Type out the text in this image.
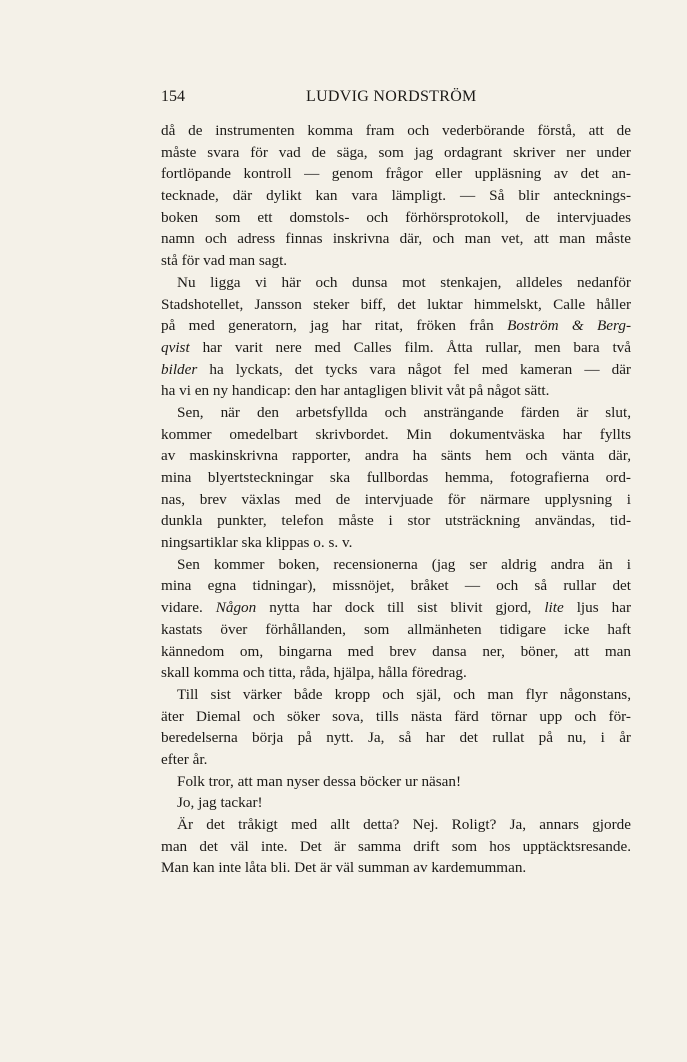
154	LUDVIG NORDSTRÖM
då de instrumenten komma fram och vederbörande förstå, att de
måste svara för vad de säga, som jag ordagrant skriver ner under
fortlöpande kontroll — genom frågor eller uppläsning av det an-
tecknade, där dylikt kan vara lämpligt. — Så blir antecknings-
boken som ett domstols- och förhörsprotokoll, de intervjuades
namn och adress finnas inskrivna där, och man vet, att man måste
stå för vad man sagt.
Nu ligga vi här och dunsa mot stenkajen, alldeles nedanför
Stadshotellet, Jansson steker biff, det luktar himmelskt, Calle håller
på med generatorn, jag har ritat, fröken från Boström & Berg-
qvist har varit nere med Calles film. Åtta rullar, men bara två
bilder ha lyckats, det tycks vara något fel med kameran — där
ha vi en ny handicap: den har antagligen blivit våt på något sätt.
Sen, när den arbetsfyllda och ansträngande färden är slut,
kommer omedelbart skrivbordet. Min dokumentväska har fyllts
av maskinskrivna rapporter, andra ha sänts hem och vänta där,
mina blyertsteckningar ska fullbordas hemma, fotografierna ord-
nas, brev växlas med de intervjuade för närmare upplysning i
dunkla punkter, telefon måste i stor utsträckning användas, tid-
ningsartiklar ska klippas o. s. v.
Sen kommer boken, recensionerna (jag ser aldrig andra än i
mina egna tidningar), missnöjet, bråket — och så rullar det
vidare. Någon nytta har dock till sist blivit gjord, lite ljus har
kastats över förhållanden, som allmänheten tidigare icke haft
kännedom om, bingarna med brev dansa ner, böner, att man
skall komma och titta, råda, hjälpa, hålla föredrag.
Till sist värker både kropp och själ, och man flyr någonstans,
äter Diemal och söker sova, tills nästa färd törnar upp och för-
beredelserna börja på nytt. Ja, så har det rullat på nu, i år
efter år.
Folk tror, att man nyser dessa böcker ur näsan!
Jo, jag tackar!
Är det tråkigt med allt detta? Nej. Roligt? Ja, annars gjorde
man det väl inte. Det är samma drift som hos upptäcktsresande.
Man kan inte låta bli. Det är väl summan av kardemumman.
